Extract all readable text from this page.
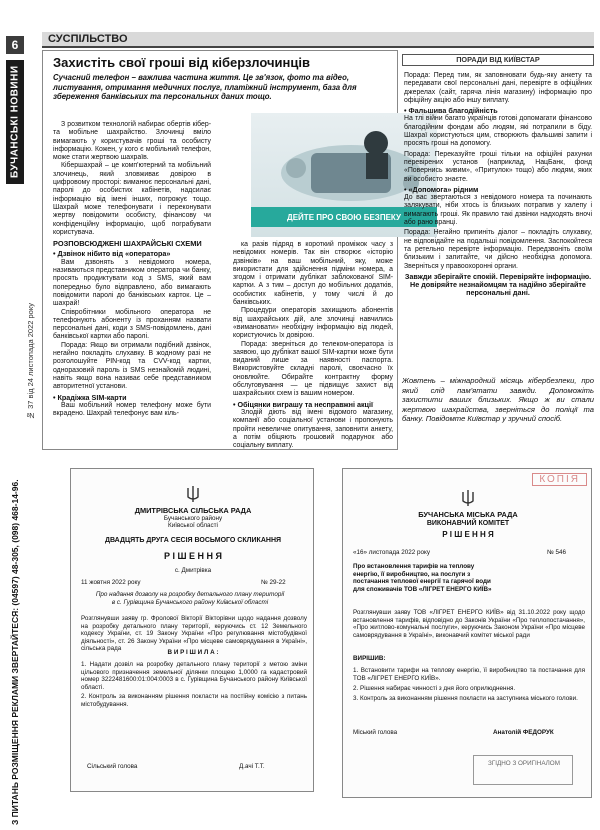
6
БУЧАНСЬКІ НОВИНИ
№ 37 від 24 листопада 2022 року
З ПИТАНЬ РОЗМІЩЕННЯ РЕКЛАМИ ЗВЕРТАЙТЕСЯ: (04597) 48-305, (098) 468-14-96.
СУСПІЛЬСТВО
Захистіть свої гроші від кіберзлочинців
Сучасний телефон – важлива частина життя. Це зв'язок, фото та відео, листування, отримання медичних послуг, платіжний інструмент, база для збереження банківських та персональних даних тощо.

З розвитком технологій набирає обертів кібер- та мобільне шахрайство. Злочинці вміло вимагають у користувачів гроші та особисту інформацію. Кожен, у кого є мобільний телефон, може стати жертвою шахраїв.

Кібершахрай – це комп'ютерний та мобільний злочинець, який зловживає довірою в цифровому просторі: виманює персональні дані, паролі до особистих кабінетів, надсилає інформацію від імені інших, погрожує тощо. Шахрай може телефонувати і переконувати жертву повідомити особисту, фінансову чи конфіденційну інформацію, щоб пограбувати користувача.

РОЗПОВСЮДЖЕНІ ШАХРАЙСЬКІ СХЕМИ
• Дзвінок нібито від «оператора»

Вам дзвонять з невідомого номера, називаються представником оператора чи банку, просять продиктувати код з SMS, який вам попередньо було відправлено, або вимагають повідомити паролі до банківських карток. Це – шахрай!

Співробітники мобільного оператора не телефонують абоненту із проханням назвати персональні дані, коди з SMS-повідомлень, дані банківської картки або паролі.

Порада: Якщо ви отримали подібний дзвінок, негайно покладіть слухавку. В жодному разі не розголошуйте PIN-код та CVV-код картки, одноразовий пароль із SMS незнайомій людині, навіть якщо вона називає себе представником авторитетної установи.

• Крадіжка SIM-карти

Ваш мобільний номер телефону може бути вкрадено. Шахрай телефонує вам кіль-

ДЕЙТЕ ПРО СВОЮ БЕЗПЕКУ

ка разів підряд в короткий проміжок часу з невідомих номерів. Так він створює «історію дзвінків» на ваш мобільний, яку, може використати для здійснення підміни номера, а згодом і отримати дублікат заблокованої SIM-картки. А з тим – доступ до мобільних додатків, особистих кабінетів, у тому числі й до банківських.

Процедури операторів захищають абонентів від шахрайських дій, але злочинці навчились «вимановати» необхідну інформацію від людей, користуючись їх довірою.

Порада: зверніться до телеком-оператора із заявою, що дублікат вашої SIM-картки може бути виданий лише за наявності паспорта. Використовуйте складні паролі, своєчасно їх оновлюйте. Обирайте контрактну форму обслуговування — це підвищує захист від шахрайських схем із вашим номером.

• Обіцянки виграшу та несправжні акції

Злодій діють від імені відомого магазину, компанії або соціальної установи і пропонують пройти невеличке опитування, заповнити анкету, а потім обіцяють грошовий подарунок або соціальну виплату.

ПОРАДИ ВІД КИЇВСТАР

Порада: Перед тим, як заповнювати будь-яку анкету та передавати свої персональні дані, перевірте в офіційних джерелах (сайт, гаряча лінія магазину) інформацію про офіційну акцію або іншу виплату.

• Фальшива благодійність

На тлі війни багато українців готові допомагати фінансово благодійним фондам або людям, які потрапили в біду. Шахраї користуються цим, створюють фальшиві запити і просять гроші на допомогу.

Порада: Переказуйте гроші тільки на офіційні рахунки перевірених установ (наприклад, НацБанк, фонд «Повернись живим», «Притулок» тощо) або людям, яких ви особисто знаєте.

• «Допомога» рідним

До вас звертаються з невідомого номера та починають залякувати, ніби хтось із близьких потрапив у халепу і вимагають гроші. Як правило такі дзвінки надходять вночі або рано вранці.

Порада: Негайно припиніть діалог – покладіть слухавку, не відповідайте на подальші повідомлення. Заспокойтеся та ретельно перевірте інформацію. Передзвоніть своїм близьким і запитайте, чи дійсно необхідна допомога. Зверніться у правоохоронні органи.

Завжди зберігайте спокій. Перевіряйте інформацію. Не довіряйте незнайомцям та надійно зберігайте персональні дані.

Жовтень – міжнародний місяць кібербезпеки, про який слід пам'ятати завжди. Допоможіть захистити ваших близьких. Якщо ж ви стали жертвою шахрайства, зверніться до поліції та банку. Повідомте Київстар у зручний спосіб.
ДМИТРІВСЬКА СІЛЬСЬКА РАДА
Бучанського району
Київської області
ДВАДЦЯТЬ ДРУГА СЕСІЯ ВОСЬМОГО СКЛИКАННЯ
Р І Ш Е Н Н Я
с. Дмитрівка
11 жовтня 2022 року	№ 29-22
Про надання дозволу на розробку детального плану території в с. Гурівщина Бучанського району Київської області
Розглянувши заяву гр. Фролової Вікторії Вікторівни щодо надання дозволу на розробку детального плану території, керуючись ст. 12 Земельного кодексу України, ст. 19 Закону України «Про регулювання містобудівної діяльності», ст. 26 Закону України «Про місцеве самоврядування в Україні», сільська рада
В И Р І Ш И Л А :
1. Надати дозвіл на розробку детального плану території з метою зміни цільового призначення земельної ділянки площею 1,0000 га кадастровий номер 3222481600:01:004:0003 в с. Гурівщина Бучанського району Київської області.
2. Контроль за виконанням рішення покласти на постійну комісію з питань містобудування.
Сільський голова	Д.ачі Т.Т.
КОПІЯ
БУЧАНСЬКА МІСЬКА РАДА
ВИКОНАВЧИЙ КОМІТЕТ
Р І Ш Е Н Н Я
«16» листопада 2022 року	№ 546
Про встановлення тарифів на теплову енергію, її виробництво, на послуги з постачання теплової енергії та гарячої води для споживачів ТОВ «ЛІГРЕТ ЕНЕРГО КИЇВ»
Розглянувши заяву ТОВ «ЛІГРЕТ ЕНЕРГО КИЇВ» від 31.10.2022 року щодо встановлення тарифів, відповідно до Законів України «Про теплопостачання», «Про житлово-комунальні послуги», керуючись Законом України «Про місцеве самоврядування в Україні», виконавчий комітет міської ради
ВИРІШИВ:
1. Встановити тарифи на теплову енергію, її виробництво та постачання для ТОВ «ЛІГРЕТ ЕНЕРГО КИЇВ».
2. Рішення набирає чинності з дня його оприлюднення.
3. Контроль за виконанням рішення покласти на заступника міського голови.
Міський голова	Анатолій ФЕДОРУК
ЗГІДНО З ОРИГІНАЛОМ
